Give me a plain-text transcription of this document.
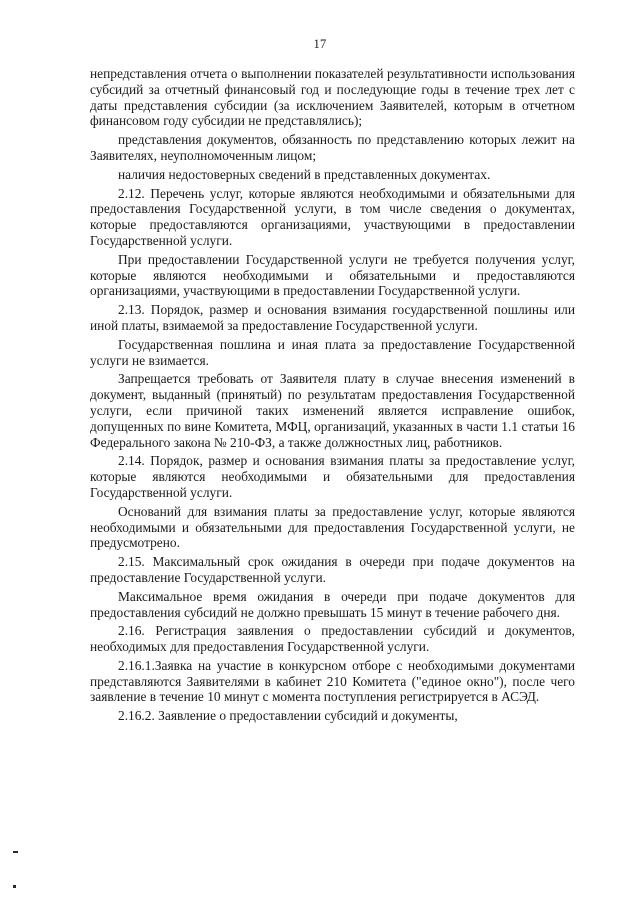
17

непредставления отчета о выполнении показателей результативности использования субсидий за отчетный финансовый год и последующие годы в течение трех лет с даты представления субсидии (за исключением Заявителей, которым в отчетном финансовом году субсидии не представлялись);

представления документов, обязанность по представлению которых лежит на Заявителях, неуполномоченным лицом;

наличия недостоверных сведений в представленных документах.

2.12. Перечень услуг, которые являются необходимыми и обязательными для предоставления Государственной услуги, в том числе сведения о документах, которые предоставляются организациями, участвующими в предоставлении Государственной услуги.

При предоставлении Государственной услуги не требуется получения услуг, которые являются необходимыми и обязательными и предоставляются организациями, участвующими в предоставлении Государственной услуги.

2.13. Порядок, размер и основания взимания государственной пошлины или иной платы, взимаемой за предоставление Государственной услуги.

Государственная пошлина и иная плата за предоставление Государственной услуги не взимается.

Запрещается требовать от Заявителя плату в случае внесения изменений в документ, выданный (принятый) по результатам предоставления Государственной услуги, если причиной таких изменений является исправление ошибок, допущенных по вине Комитета, МФЦ, организаций, указанных в части 1.1 статьи 16 Федерального закона № 210-ФЗ, а также должностных лиц, работников.

2.14. Порядок, размер и основания взимания платы за предоставление услуг, которые являются необходимыми и обязательными для предоставления Государственной услуги.

Оснований для взимания платы за предоставление услуг, которые являются необходимыми и обязательными для предоставления Государственной услуги, не предусмотрено.

2.15. Максимальный срок ожидания в очереди при подаче документов на предоставление Государственной услуги.

Максимальное время ожидания в очереди при подаче документов для предоставления субсидий не должно превышать 15 минут в течение рабочего дня.

2.16. Регистрация заявления о предоставлении субсидий и документов, необходимых для предоставления Государственной услуги.

2.16.1.Заявка на участие в конкурсном отборе с необходимыми документами представляются Заявителями в кабинет 210 Комитета ("единое окно"), после чего заявление в течение 10 минут с момента поступления регистрируется в АСЭД.

2.16.2. Заявление о предоставлении субсидий и документы,
